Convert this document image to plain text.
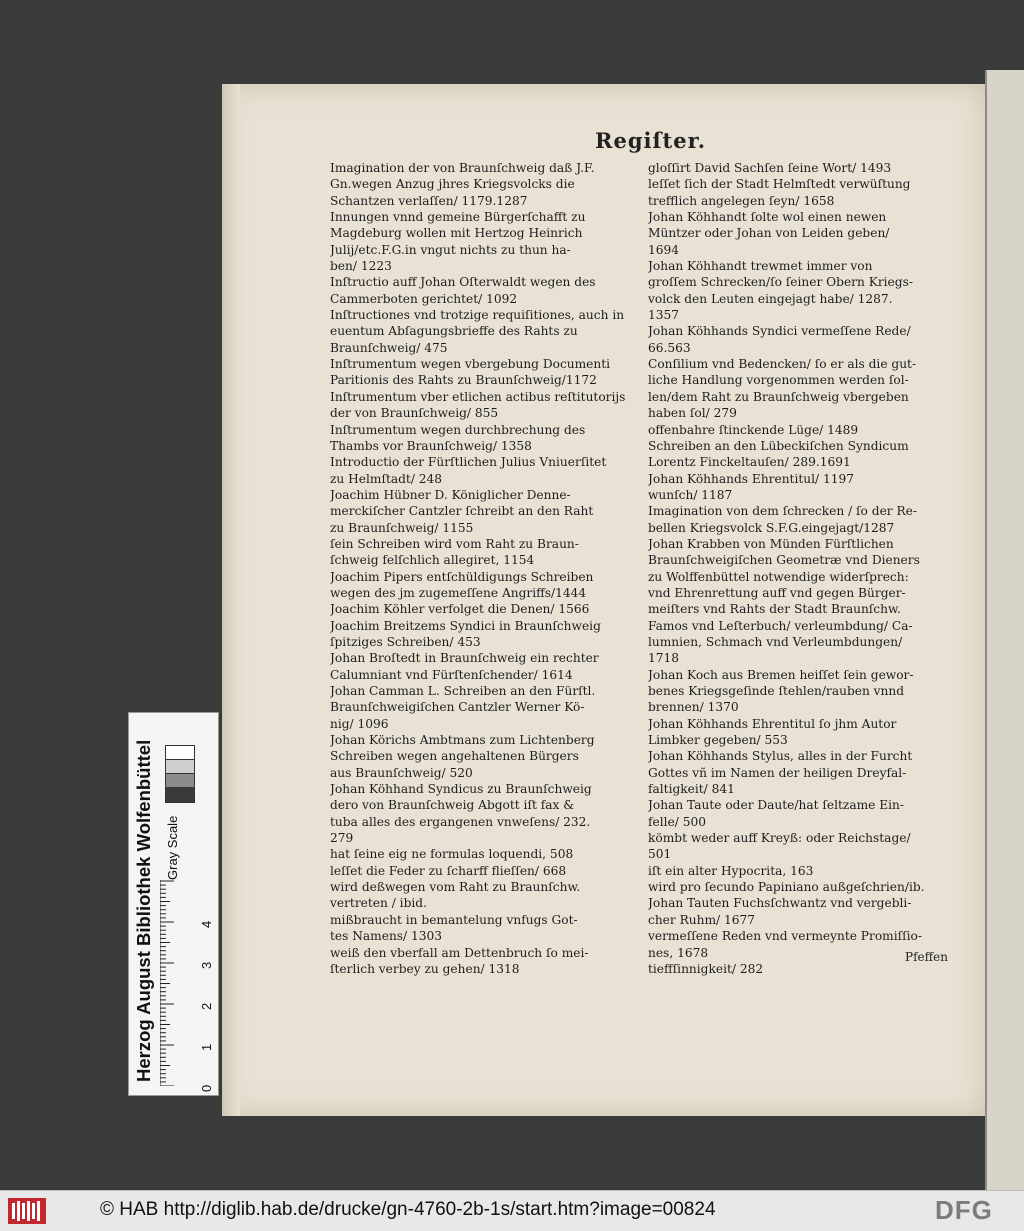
Regiſter.
Imagination der von Braunſchweig daß J.F.
Gn.wegen Anzug jhres Kriegsvolcks die
Schantzen verlaſſen/ 1179.1287
Innungen vnnd gemeine Bürgerſchafft zu
Magdeburg wollen mit Hertzog Heinrich
Julij/etc.F.G.in vngut nichts zu thun ha-
ben/ 1223
Inſtructio auff Johan Oſterwaldt wegen des
Cammerboten gerichtet/ 1092
Inſtructiones vnd trotzige requiſitiones, auch in
euentum Abſagungsbrieffe des Rahts zu
Braunſchweig/ 475
Inſtrumentum wegen vbergebung Documenti
Paritionis des Rahts zu Braunſchweig/1172
Inſtrumentum vber etlichen actibus reſtitutorijs
der von Braunſchweig/ 855
Inſtrumentum wegen durchbrechung des
Thambs vor Braunſchweig/ 1358
Introductio der Fürſtlichen Julius Vniuerſitet
zu Helmſtadt/ 248
Joachim Hübner D. Königlicher Denne-
merckiſcher Cantzler ſchreibt an den Raht
zu Braunſchweig/ 1155
ſein Schreiben wird vom Raht zu Braun-
ſchweig felſchlich allegiret, 1154
Joachim Pipers entſchüldigungs Schreiben
wegen des jm zugemeſſene Angriffs/1444
Joachim Köhler verfolget die Denen/ 1566
Joachim Breitzems Syndici in Braunſchweig
ſpitziges Schreiben/ 453
Johan Broſtedt in Braunſchweig ein rechter
Calumniant vnd Fürſtenſchender/ 1614
Johan Camman L. Schreiben an den Fürſtl.
Braunſchweigiſchen Cantzler Werner Kö-
nig/ 1096
Johan Körichs Ambtmans zum Lichtenberg
Schreiben wegen angehaltenen Bürgers
aus Braunſchweig/ 520
Johan Köhhand Syndicus zu Braunſchweig
dero von Braunſchweig Abgott iſt fax &
tuba alles des ergangenen vnweſens/ 232.
279
hat ſeine eig ne formulas loquendi, 508
leſſet die Feder zu ſcharff flieſſen/ 668
wird deßwegen vom Raht zu Braunſchw.
vertreten / ibid.
mißbraucht in bemantelung vnfugs Got-
tes Namens/ 1303
weiß den vberfall am Dettenbruch ſo mei-
ſterlich verbey zu gehen/ 1318
gloſſirt David Sachſen ſeine Wort/ 1493
leſſet ſich der Stadt Helmſtedt verwüſtung
trefflich angelegen ſeyn/ 1658
Johan Köhhandt ſolte wol einen newen
Müntzer oder Johan von Leiden geben/
1694
Johan Köhhandt trewmet immer von
groſſem Schrecken/ſo ſeiner Obern Kriegs-
volck den Leuten eingejagt habe/ 1287.
1357
Johan Köhhands Syndici vermeſſene Rede/
66.563
Conſilium vnd Bedencken/ ſo er als die gut-
liche Handlung vorgenommen werden ſol-
len/dem Raht zu Braunſchweig vbergeben
haben ſol/ 279
offenbahre ſtinckende Lüge/ 1489
Schreiben an den Lübeckiſchen Syndicum
Lorentz Finckeltauſen/ 289.1691
Johan Köhhands Ehrentitul/ 1197
wunſch/ 1187
Imagination von dem ſchrecken / ſo der Re-
bellen Kriegsvolck S.F.G.eingejagt/1287
Johan Krabben von Münden Fürſtlichen
Braunſchweigiſchen Geometræ vnd Dieners
zu Wolffenbüttel notwendige widerſprech:
vnd Ehrenrettung auff vnd gegen Bürger-
meiſters vnd Rahts der Stadt Braunſchw.
Famos vnd Leſterbuch/ verleumbdung/ Ca-
lumnien, Schmach vnd Verleumbdungen/
1718
Johan Koch aus Bremen heiſſet ſein gewor-
benes Kriegsgeſinde ſtehlen/rauben vnnd
brennen/ 1370
Johan Köhhands Ehrentitul ſo jhm Autor
Limbker gegeben/ 553
Johan Köhhands Stylus, alles in der Furcht
Gottes vñ im Namen der heiligen Dreyfal-
faltigkeit/ 841
Johan Taute oder Daute/hat ſeltzame Ein-
felle/ 500
kömbt weder auff Kreyß: oder Reichstage/
501
iſt ein alter Hypocrita, 163
wird pro ſecundo Papiniano außgeſchrien/ib.
Johan Tauten Fuchsſchwantz vnd vergebli-
cher Ruhm/ 1677
vermeſſene Reden vnd vermeynte Promiſſio-
nes, 1678
tieffſinnigkeit/ 282
Pfeffen
Herzog August Bibliothek Wolfenbüttel Gray Scale
0
1
2
3
4
© HAB http://diglib.hab.de/drucke/gn-4760-2b-1s/start.htm?image=00824	DFG
